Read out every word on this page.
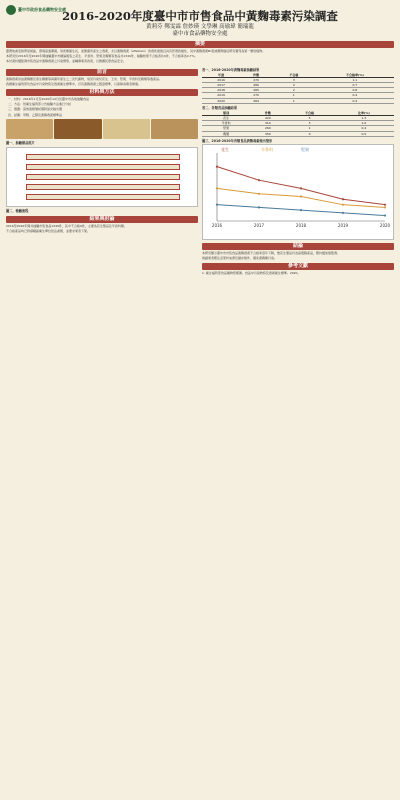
臺中市政府食品藥物安全處
2016-2020年度臺中市市售食品中黃麴毒素污染調查
黃莉芬 鄭雯霖 詹妙瑛 文學琳 高瑜瑋 簡瑞龍
臺中市食品藥物安全處
摘要

臺灣地處亞熱帶氣候區，環境高溫潮濕，易使黴菌生長，而黴菌所產生之毒素，尤以黃麴毒素（aflatoxin）的毒性最強且具有肝毒致癌性，其中黃麴毒素B₁更被國際癌症研究署列為第一類致癌物。

本研究於2016年至2020年間抽驗臺中市轄區販售之花生、辛香料、堅果及穀類等食品共1349件，檢驗結果不合格者共9件，不合格率為0.7%。

本計畫持續監測市售食品中黃麴毒素之污染情形，並輔導業者改善，以維護民眾食品安全。

前言

黃麴毒素是由黃麴黴及寄生麴黴等真菌所產生之二次代謝物，常見污染於花生、玉米、堅果、辛香料及穀類等農產品。

我國衛生福利部於食品中污染物質及毒素衛生標準中，訂有黃麴毒素之限量標準，以保障消費者健康。

材料與方法
一、材料：2016年1月至2020年12月於臺中市各地抽驗食品
二、方法：依衛生福利部公告檢驗方法進行分析
三、儀器：高效液相層析儀附螢光檢出器
四、試藥：甲醇、乙腈及黃麴毒素標準品
圖一、抽驗樣品照片
圖二、檢驗流程
結果與討論

2016至2020年間共抽驗市售食品1349件，其中不合格9件，主要為花生製品及辛香料類。

不合格產品均已移請轄區衛生單位依法處辦，並要求業者下架。

表一、2016-2020年黃麴毒素抽驗結果
年度	件數	不合格	不合格率(%)
2016	270	3	1.1
2017	280	2	0.7
2018	265	2	0.8
2019	270	1	0.4
2020	264	1	0.4
表二、各類食品抽驗結果
類別	件數	不合格	比率(%)
花生	420	5	1.2
辛香料	310	3	1.0
堅果	260	1	0.4
穀類	359	0	0.0
圖三、2016-2020年各類食品黃麴毒素檢出情形
2016	2017	2018	2019	2020
花生	辛香料	堅果
結論

本研究顯示臺中市市售食品黃麴毒素不合格率逐年下降，惟花生製品仍為高風險產品，應持續加強監測。

建議業者應注意原料來源及儲存條件，避免黃麴黴污染。

參考文獻

1. 衛生福利部食品藥物管理署。食品中污染物質及毒素衛生標準。2020。
